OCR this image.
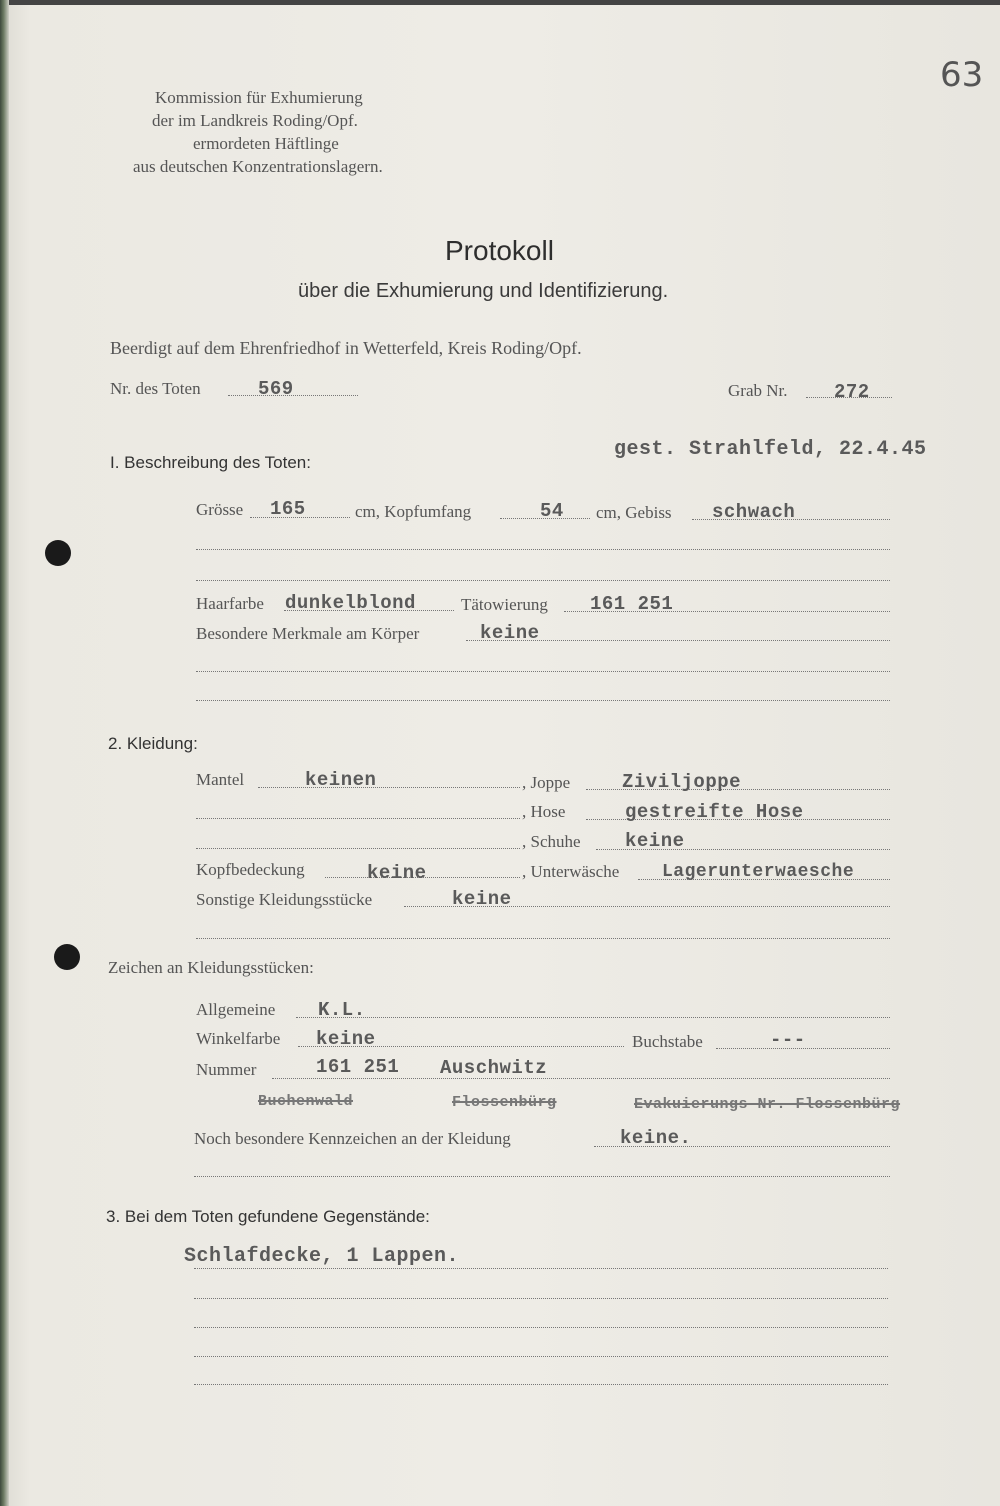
63
Kommission für Exhumierung
der im Landkreis Roding/Opf.
ermordeten Häftlinge
aus deutschen Konzentrationslagern.
Protokoll
über die Exhumierung und Identifizierung.
Beerdigt auf dem Ehrenfriedhof in Wetterfeld, Kreis Roding/Opf.
Nr. des Toten	569	Grab Nr. 272
gest. Strahlfeld, 22.4.45
I. Beschreibung des Toten:
Grösse 165	cm, Kopfumfang	54 cm, Gebiss schwach
Haarfarbe dunkelblond	Tätowierung 161 251
Besondere Merkmale am Körper	keine
2. Kleidung:
Mantel	keinen	, Joppe	Ziviljoppe
, Hose	gestreifte Hose
, Schuhe keine
Kopfbedeckung	keine	, Unterwäsche Lagerunterwaesche
Sonstige Kleidungsstücke	keine
Zeichen an Kleidungsstücken:
Allgemeine K.L.
Winkelfarbe keine	Buchstabe	---
Nummer	161 251 Auschwitz
Buchenwald	Flossenbürg	Evakuierungs-Nr. Flossenbürg
Noch besondere Kennzeichen an der Kleidung	keine.
3. Bei dem Toten gefundene Gegenstände:
Schlafdecke, 1 Lappen.
